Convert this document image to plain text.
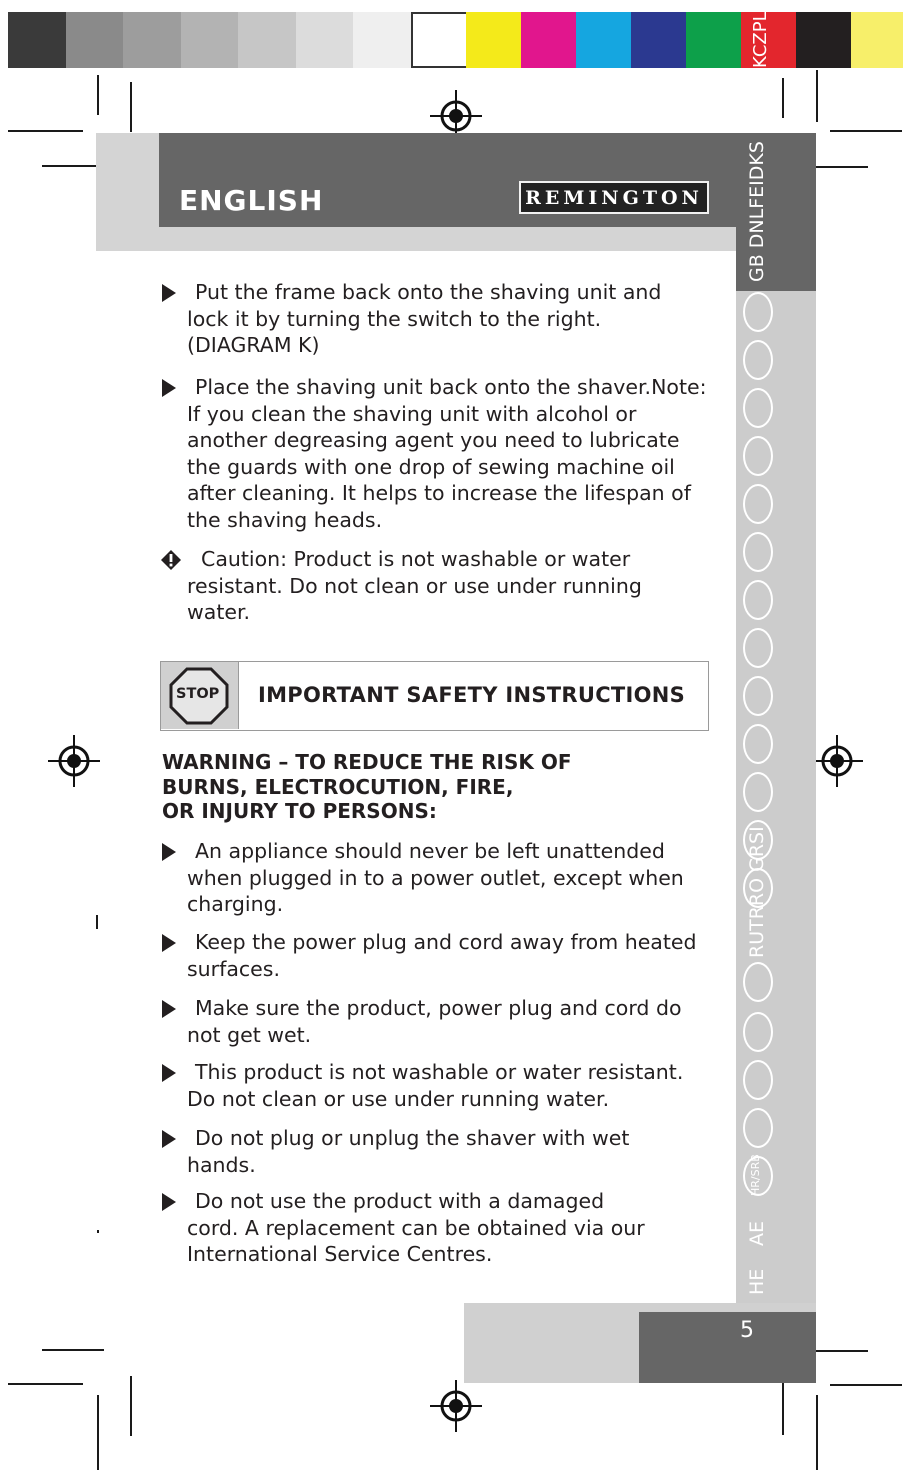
KCZPL
ENGLISH	REMINGTON GB DNLFEIDKS
RUTRRO GRSI
HR/SRB
AE
HE
Put the frame back onto the shaving unit and
lock it by turning the switch to the right.
(DIAGRAM K)
Place the shaving unit back onto the shaver.Note:
If you clean the shaving unit with alcohol or
another degreasing agent you need to lubricate
the guards with one drop of sewing machine oil
after cleaning. It helps to increase the lifespan of
the shaving heads.
Caution: Product is not washable or water
resistant. Do not clean or use under running
water.
STOP IMPORTANT SAFETY INSTRUCTIONS
WARNING – TO REDUCE THE RISK OF
BURNS, ELECTROCUTION, FIRE,
OR INJURY TO PERSONS:
An appliance should never be left unattended
when plugged in to a power outlet, except when
charging.
Keep the power plug and cord away from heated
surfaces.
Make sure the product, power plug and cord do
not get wet.
This product is not washable or water resistant.
Do not clean or use under running water.
Do not plug or unplug the shaver with wet
hands.
Do not use the product with a damaged
cord. A replacement can be obtained via our
International Service Centres.
5
